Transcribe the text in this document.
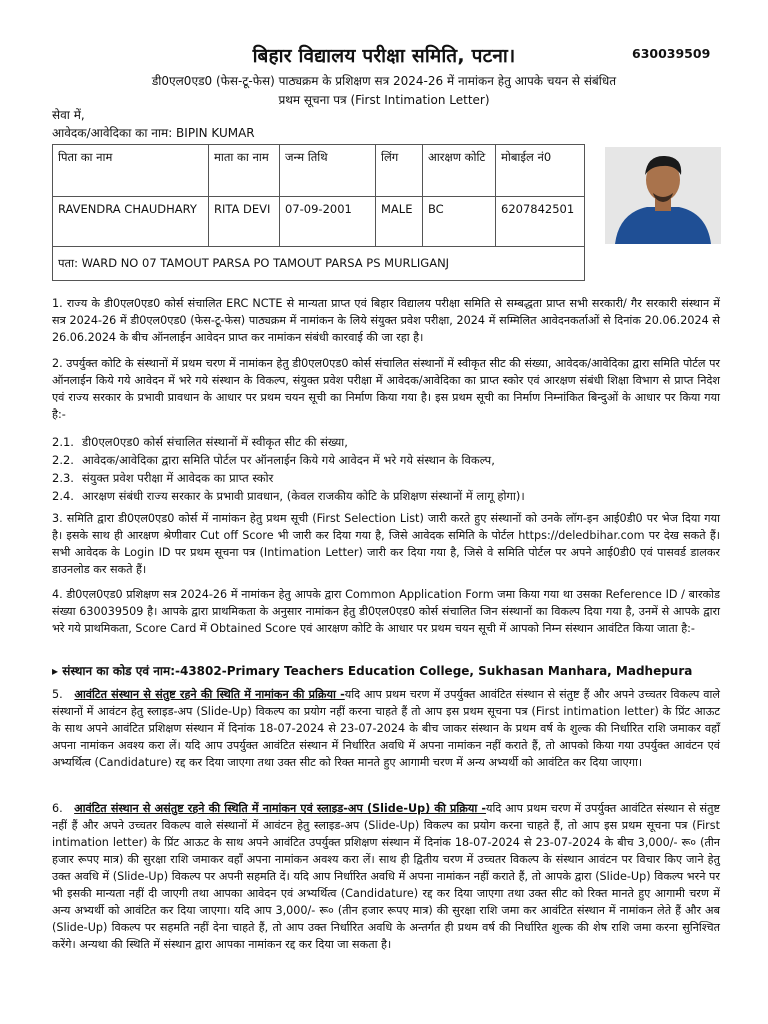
बिहार विद्यालय परीक्षा समिति, पटना।	630039509
डी0एल0एड0 (फेस-टू-फेस) पाठ्यक्रम के प्रशिक्षण सत्र 2024-26 में नामांकन हेतु आपके चयन से संबंधित
प्रथम सूचना पत्र (First Intimation Letter)
सेवा में,
आवेदक/आवेदिका का नाम: BIPIN KUMAR
पिता का नाम	माता का नाम	जन्म तिथि	लिंग	आरक्षण कोटि	मोबाईल नं0
RAVENDRA CHAUDHARY	RITA DEVI	07-09-2001	MALE	BC	6207842501
पता: WARD NO 07 TAMOUT PARSA PO TAMOUT PARSA PS MURLIGANJ					
1. राज्य के डी0एल0एड0 कोर्स संचालित ERC NCTE से मान्यता प्राप्त एवं बिहार विद्यालय परीक्षा समिति से सम्बद्धता प्राप्त सभी सरकारी/ गैर सरकारी संस्थान में सत्र 2024-26 में डी0एल0एड0 (फेस-टू-फेस) पाठ्यक्रम में नामांकन के लिये संयुक्त प्रवेश परीक्षा, 2024 में सम्मिलित आवेदनकर्ताओं से दिनांक 20.06.2024 से 26.06.2024 के बीच ऑनलाईन आवेदन प्राप्त कर नामांकन संबंधी कारवाई की जा रहा है।
2. उपर्युक्त कोटि के संस्थानों में प्रथम चरण में नामांकन हेतु डी0एल0एड0 कोर्स संचालित संस्थानों में स्वीकृत सीट की संख्या, आवेदक/आवेदिका द्वारा समिति पोर्टल पर ऑनलाईन किये गये आवेदन में भरे गये संस्थान के विकल्प, संयुक्त प्रवेश परीक्षा में आवेदक/आवेदिका का प्राप्त स्कोर एवं आरक्षण संबंधी शिक्षा विभाग से प्राप्त निदेश एवं राज्य सरकार के प्रभावी प्रावधान के आधार पर प्रथम चयन सूची का निर्माण किया गया है। इस प्रथम सूची का निर्माण निम्नांकित बिन्दुओं के आधार पर किया गया है:-
2.1. डी0एल0एड0 कोर्स संचालित संस्थानों में स्वीकृत सीट की संख्या,
2.2. आवेदक/आवेदिका द्वारा समिति पोर्टल पर ऑनलाईन किये गये आवेदन में भरे गये संस्थान के विकल्प,
2.3. संयुक्त प्रवेश परीक्षा में आवेदक का प्राप्त स्कोर
2.4. आरक्षण संबंधी राज्य सरकार के प्रभावी प्रावधान, (केवल राजकीय कोटि के प्रशिक्षण संस्थानों में लागू होगा)।
3. समिति द्वारा डी0एल0एड0 कोर्स में नामांकन हेतु प्रथम सूची (First Selection List) जारी करते हुए संस्थानों को उनके लॉग-इन आई0डी0 पर भेज दिया गया है। इसके साथ ही आरक्षण श्रेणीवार Cut off Score भी जारी कर दिया गया है, जिसे आवेदक समिति के पोर्टल https://deledbihar.com पर देख सकते हैं। सभी आवेदक के Login ID पर प्रथम सूचना पत्र (Intimation Letter) जारी कर दिया गया है, जिसे वे समिति पोर्टल पर अपने आई0डी0 एवं पासवर्ड डालकर डाउनलोड कर सकते हैं।
4. डी0एल0एड0 प्रशिक्षण सत्र 2024-26 में नामांकन हेतु आपके द्वारा Common Application Form जमा किया गया था उसका Reference ID / बारकोड संख्या 630039509 है। आपके द्वारा प्राथमिकता के अनुसार नामांकन हेतु डी0एल0एड0 कोर्स संचालित जिन संस्थानों का विकल्प दिया गया है, उनमें से आपके द्वारा भरे गये प्राथमिकता, Score Card में Obtained Score एवं आरक्षण कोटि के आधार पर प्रथम चयन सूची में आपको निम्न संस्थान आवंटित किया जाता है:-
▸ संस्थान का कोड एवं नाम:-43802-Primary Teachers Education College, Sukhasan Manhara, Madhepura
5.   आवंटित संस्थान से संतुष्ट रहने की स्थिति में नामांकन की प्रक्रिया -यदि आप प्रथम चरण में उपर्युक्त आवंटित संस्थान से संतुष्ट हैं और अपने उच्चतर विकल्प वाले संस्थानों में आवंटन हेतु स्लाइड-अप (Slide-Up) विकल्प का प्रयोग नहीं करना चाहते हैं तो आप इस प्रथम सूचना पत्र (First intimation letter) के प्रिंट आऊट के साथ अपने आवंटित प्रशिक्षण संस्थान में दिनांक 18-07-2024 से 23-07-2024 के बीच जाकर संस्थान के प्रथम वर्ष के शुल्क की निर्धारित राशि जमाकर वहाँ अपना नामांकन अवश्य करा लें। यदि आप उपर्युक्त आवंटित संस्थान में निर्धारित अवधि में अपना नामांकन नहीं कराते हैं, तो आपको किया गया उपर्युक्त आवंटन एवं अभ्यर्थित्व (Candidature) रद्द कर दिया जाएगा तथा उक्त सीट को रिक्त मानते हुए आगामी चरण में अन्य अभ्यर्थी को आवंटित कर दिया जाएगा।
6.   आवंटित संस्थान से असंतुष्ट रहने की स्थिति में नामांकन एवं स्लाइड-अप (Slide-Up) की प्रक्रिया -यदि आप प्रथम चरण में उपर्युक्त आवंटित संस्थान से संतुष्ट नहीं हैं और अपने उच्चतर विकल्प वाले संस्थानों में आवंटन हेतु स्लाइड-अप (Slide-Up) विकल्प का प्रयोग करना चाहते हैं, तो आप इस प्रथम सूचना पत्र (First intimation letter) के प्रिंट आऊट के साथ अपने आवंटित उपर्युक्त प्रशिक्षण संस्थान में दिनांक 18-07-2024 से 23-07-2024 के बीच 3,000/- रू० (तीन हजार रूपए मात्र) की सुरक्षा राशि जमाकर वहाँ अपना नामांकन अवश्य करा लें। साथ ही द्वितीय चरण में उच्चतर विकल्प के संस्थान आवंटन पर विचार किए जाने हेतु उक्त अवधि में (Slide-Up) विकल्प पर अपनी सहमति दें। यदि आप निर्धारित अवधि में अपना नामांकन नहीं कराते हैं, तो आपके द्वारा (Slide-Up) विकल्प भरने पर भी इसकी मान्यता नहीं दी जाएगी तथा आपका आवेदन एवं अभ्यर्थित्व (Candidature) रद्द कर दिया जाएगा तथा उक्त सीट को रिक्त मानते हुए आगामी चरण में अन्य अभ्यर्थी को आवंटित कर दिया जाएगा। यदि आप 3,000/- रू० (तीन हजार रूपए मात्र) की सुरक्षा राशि जमा कर आवंटित संस्थान में नामांकन लेते हैं और अब (Slide-Up) विकल्प पर सहमति नहीं देना चाहते हैं, तो आप उक्त निर्धारित अवधि के अन्तर्गत ही प्रथम वर्ष की निर्धारित शुल्क की शेष राशि जमा करना सुनिश्चित करेंगे। अन्यथा की स्थिति में संस्थान द्वारा आपका नामांकन रद्द कर दिया जा सकता है।
